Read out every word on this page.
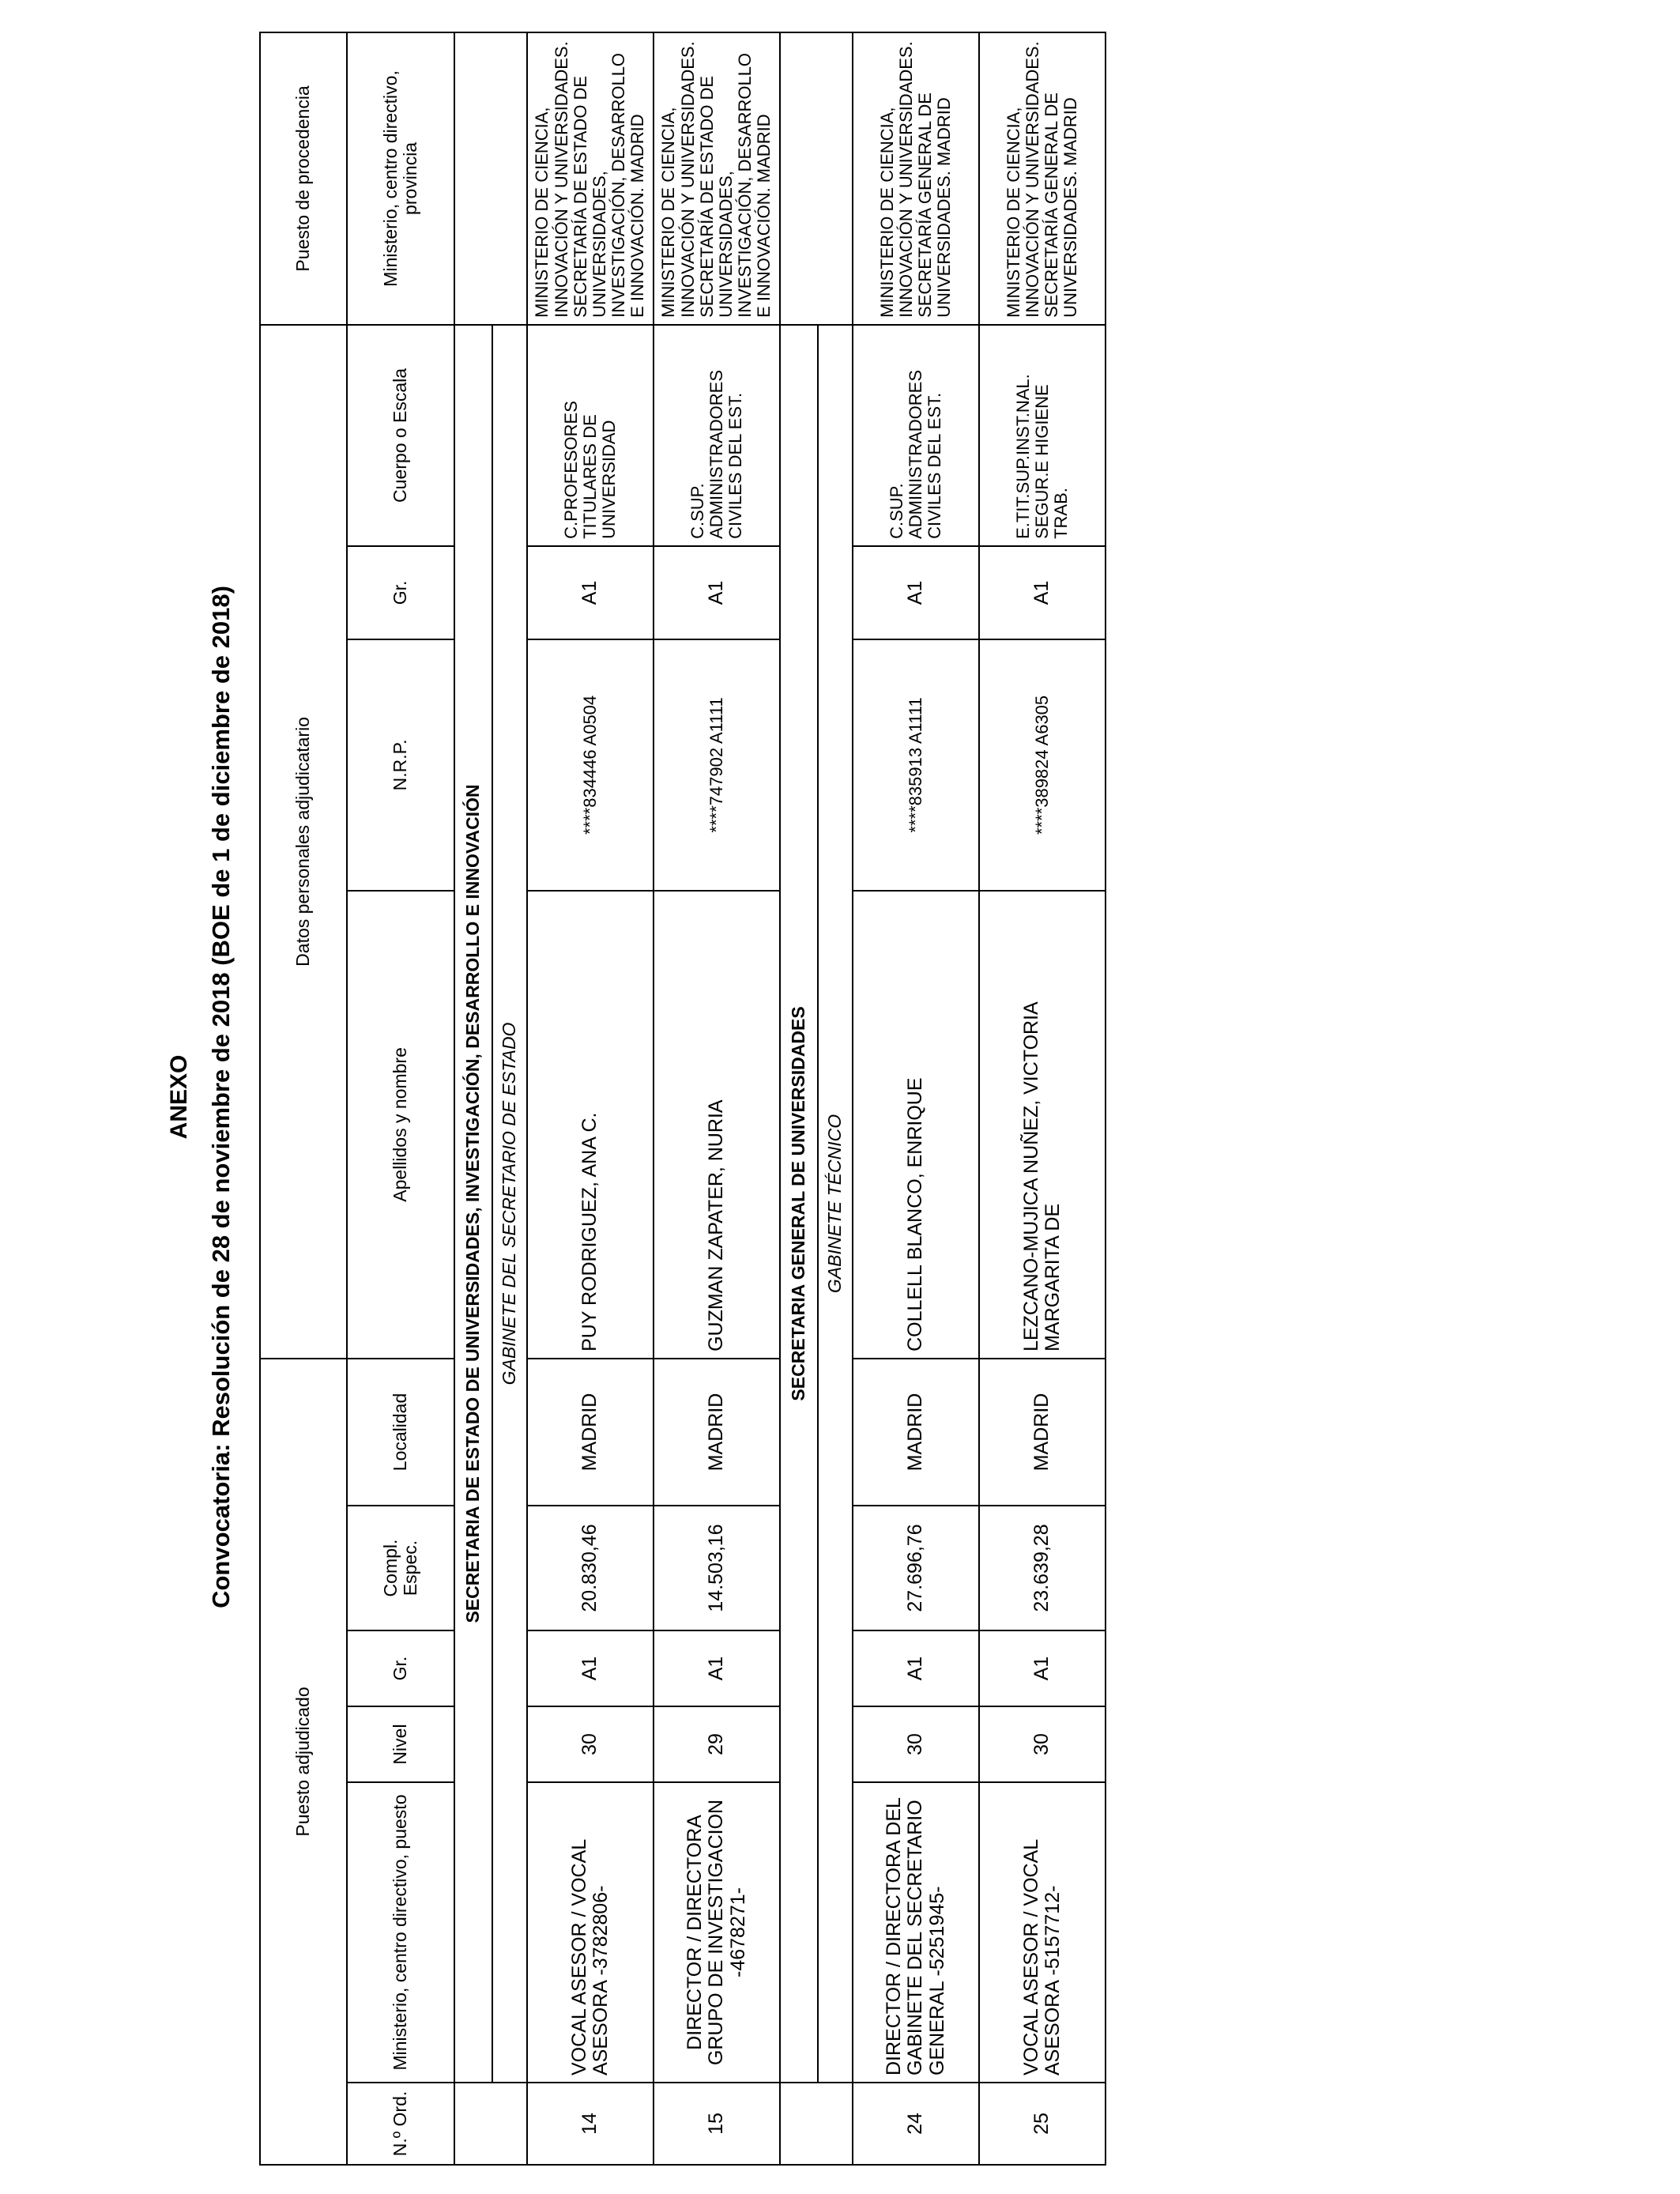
ANEXO Convocatoria: Resolución de 28 de noviembre de 2018 (BOE de 1 de diciembre de 2018)
Puesto adjudicado						Datos personales adjudicatario				Puesto de procedencia
N.º Ord.	Ministerio, centro directivo, puesto	Nivel	Gr.	Compl. Espec.	Localidad	Apellidos y nombre	N.R.P.	Gr.	Cuerpo o Escala	Ministerio, centro directivo, provincia
	SECRETARIA DE ESTADO DE UNIVERSIDADES, INVESTIGACIÓN, DESARROLLO E INNOVACIÓN									
	GABINETE DEL SECRETARIO DE ESTADO									
14	VOCAL ASESOR / VOCAL ASESORA -3782806-	30	A1	20.830,46	MADRID	PUY RODRIGUEZ, ANA C.	****834446 A0504	A1	C.PROFESORES TITULARES DE UNIVERSIDAD	MINISTERIO DE CIENCIA, INNOVACIÓN Y UNIVERSIDADES. SECRETARÍA DE ESTADO DE UNIVERSIDADES, INVESTIGACIÓN, DESARROLLO E INNOVACIÓN. MADRID
15	DIRECTOR / DIRECTORA GRUPO DE INVESTIGACION -4678271-	29	A1	14.503,16	MADRID	GUZMAN ZAPATER, NURIA	****747902 A1111	A1	C.SUP. ADMINISTRADORES CIVILES DEL EST.	MINISTERIO DE CIENCIA, INNOVACIÓN Y UNIVERSIDADES. SECRETARÍA DE ESTADO DE UNIVERSIDADES, INVESTIGACIÓN, DESARROLLO E INNOVACIÓN. MADRID
	SECRETARIA GENERAL DE UNIVERSIDADES									
	GABINETE TÉCNICO									
24	DIRECTOR / DIRECTORA DEL GABINETE DEL SECRETARIO GENERAL -5251945-	30	A1	27.696,76	MADRID	COLLELL BLANCO, ENRIQUE	****835913 A1111	A1	C.SUP. ADMINISTRADORES CIVILES DEL EST.	MINISTERIO DE CIENCIA, INNOVACIÓN Y UNIVERSIDADES. SECRETARÍA GENERAL DE UNIVERSIDADES. MADRID
25	VOCAL ASESOR / VOCAL ASESORA -5157712-	30	A1	23.639,28	MADRID	LEZCANO-MUJICA NUÑEZ, VICTORIA MARGARITA DE	****389824 A6305	A1	E.TIT.SUP.INST.NAL. SEGUR.E HIGIENE TRAB.	MINISTERIO DE CIENCIA, INNOVACIÓN Y UNIVERSIDADES. SECRETARÍA GENERAL DE UNIVERSIDADES. MADRID
